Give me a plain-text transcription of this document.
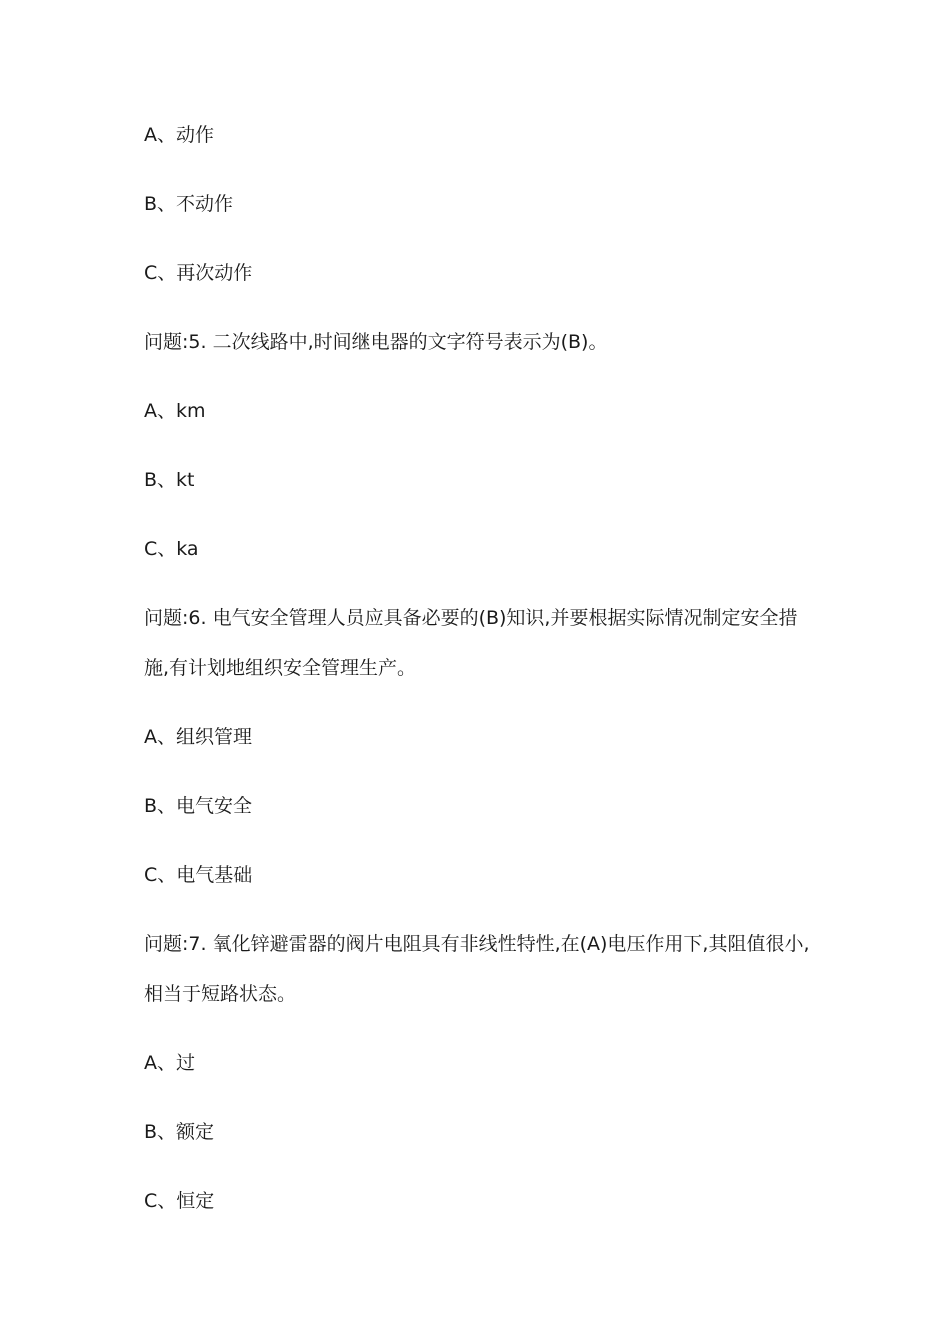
A、动作
B、不动作
C、再次动作
问题:5. 二次线路中,时间继电器的文字符号表示为(B)。
A、km
B、kt
C、ka
问题:6. 电气安全管理人员应具备必要的(B)知识,并要根据实际情况制定安全措
施,有计划地组织安全管理生产。
A、组织管理
B、电气安全
C、电气基础
问题:7. 氧化锌避雷器的阀片电阻具有非线性特性,在(A)电压作用下,其阻值很小,
相当于短路状态。
A、过
B、额定
C、恒定
